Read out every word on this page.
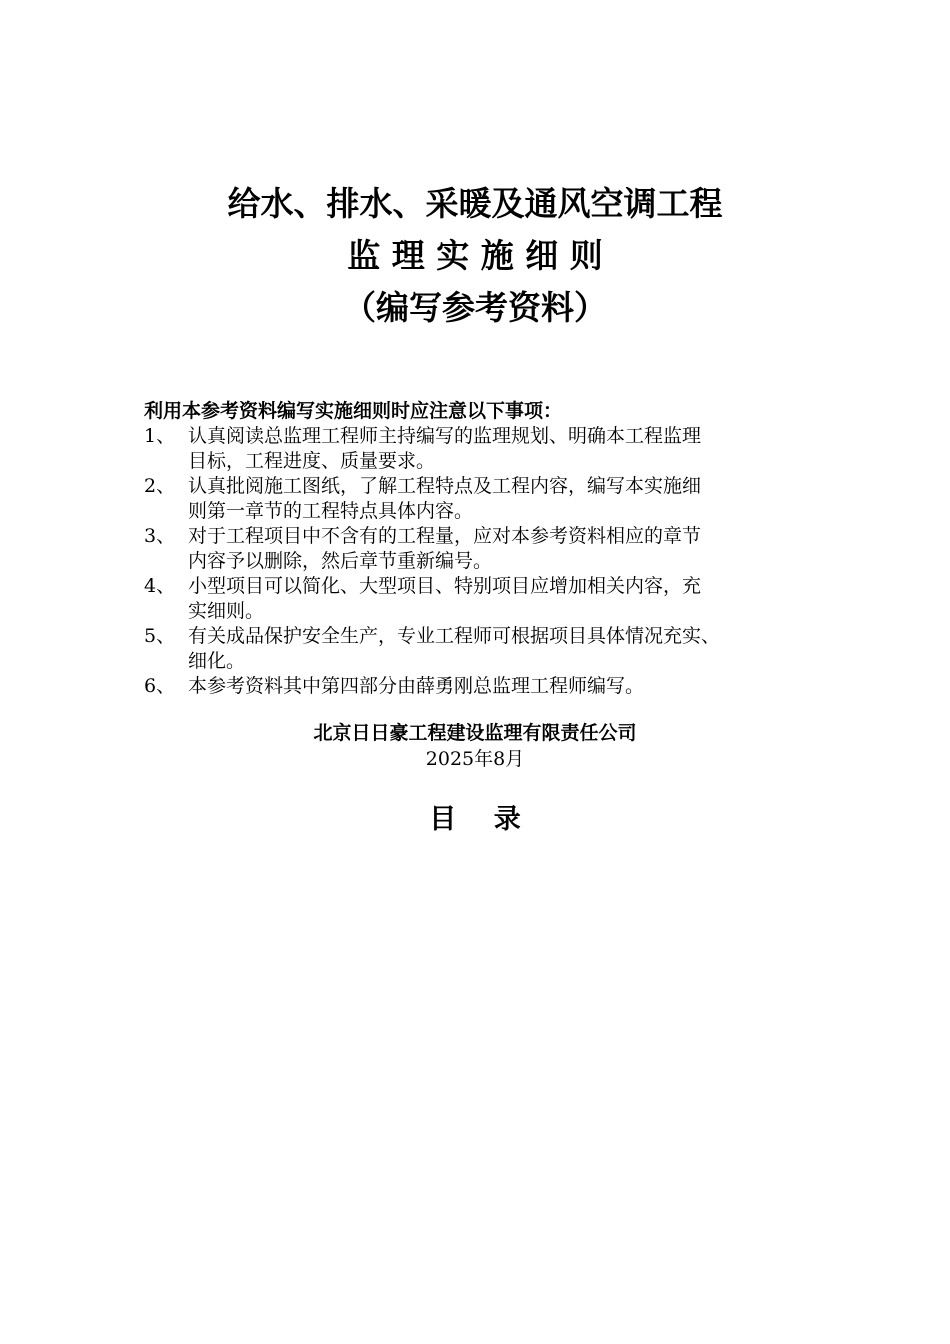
给水、排水、采暖及通风空调工程

监 理 实 施 细 则

（编写参考资料）

利用本参考资料编写实施细则时应注意以下事项：

1、 认真阅读总监理工程师主持编写的监理规划、明确本工程监理
目标，工程进度、质量要求。
2、 认真批阅施工图纸，了解工程特点及工程内容，编写本实施细
则第一章节的工程特点具体内容。
3、 对于工程项目中不含有的工程量，应对本参考资料相应的章节
内容予以删除，然后章节重新编号。
4、 小型项目可以简化、大型项目、特别项目应增加相关内容，充
实细则。
5、 有关成品保护安全生产，专业工程师可根据项目具体情况充实、
细化。
6、 本参考资料其中第四部分由薛勇刚总监理工程师编写。

北京日日豪工程建设监理有限责任公司

2025年8月

目    录
